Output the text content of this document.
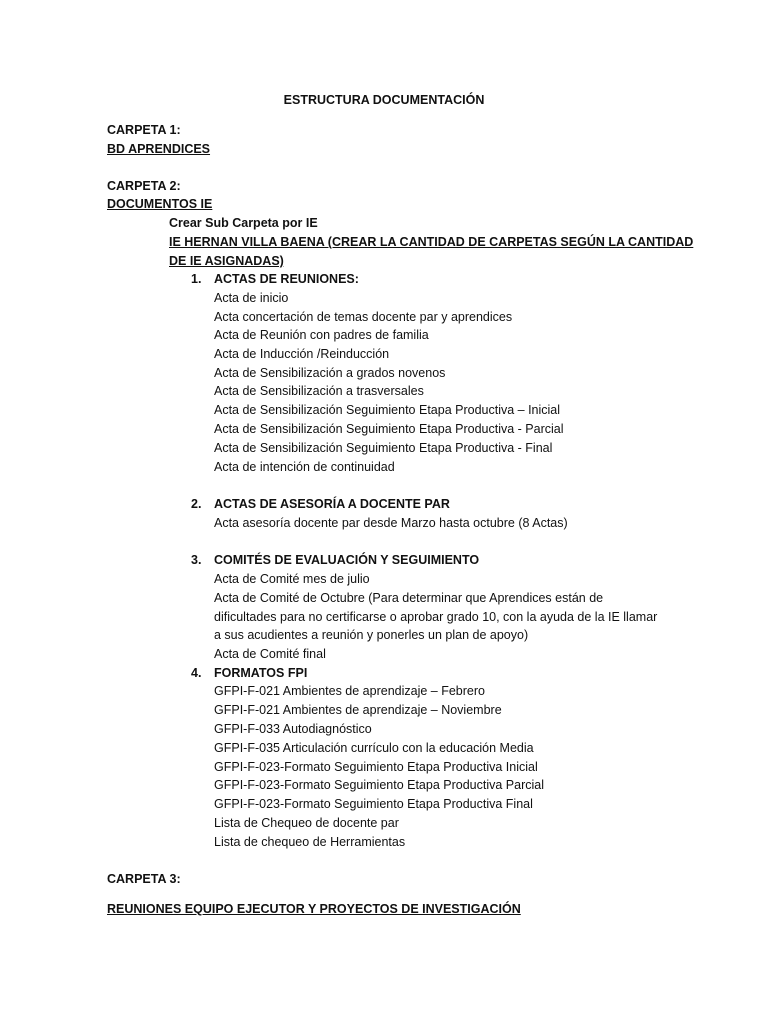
ESTRUCTURA DOCUMENTACIÓN
CARPETA 1:
BD APRENDICES
CARPETA 2:
DOCUMENTOS IE
Crear Sub Carpeta por IE
IE HERNAN VILLA BAENA (CREAR LA CANTIDAD DE CARPETAS SEGÚN LA CANTIDAD
DE IE ASIGNADAS)
1. ACTAS DE REUNIONES:
Acta de inicio
Acta concertación de temas docente par y aprendices
Acta de Reunión con padres de familia
Acta de Inducción /Reinducción
Acta de Sensibilización a grados novenos
Acta de Sensibilización a trasversales
Acta de Sensibilización Seguimiento Etapa Productiva – Inicial
Acta de Sensibilización Seguimiento Etapa Productiva - Parcial
Acta de Sensibilización Seguimiento Etapa Productiva - Final
Acta de intención de continuidad
2. ACTAS DE ASESORÍA A DOCENTE PAR
Acta asesoría docente par desde Marzo hasta octubre (8 Actas)
3. COMITÉS DE EVALUACIÓN Y SEGUIMIENTO
Acta de Comité mes de julio
Acta de Comité de Octubre (Para determinar que Aprendices están de
dificultades para no certificarse o aprobar grado 10, con la ayuda de la IE llamar
a sus acudientes a reunión y ponerles un plan de apoyo)
Acta de Comité final
4. FORMATOS FPI
GFPI-F-021 Ambientes de aprendizaje – Febrero
GFPI-F-021 Ambientes de aprendizaje – Noviembre
GFPI-F-033 Autodiagnóstico
GFPI-F-035 Articulación currículo con la educación Media
GFPI-F-023-Formato Seguimiento Etapa Productiva Inicial
GFPI-F-023-Formato Seguimiento Etapa Productiva Parcial
GFPI-F-023-Formato Seguimiento Etapa Productiva Final
Lista de Chequeo de docente par
Lista de chequeo de Herramientas
CARPETA 3:
REUNIONES EQUIPO EJECUTOR Y PROYECTOS DE INVESTIGACIÓN
